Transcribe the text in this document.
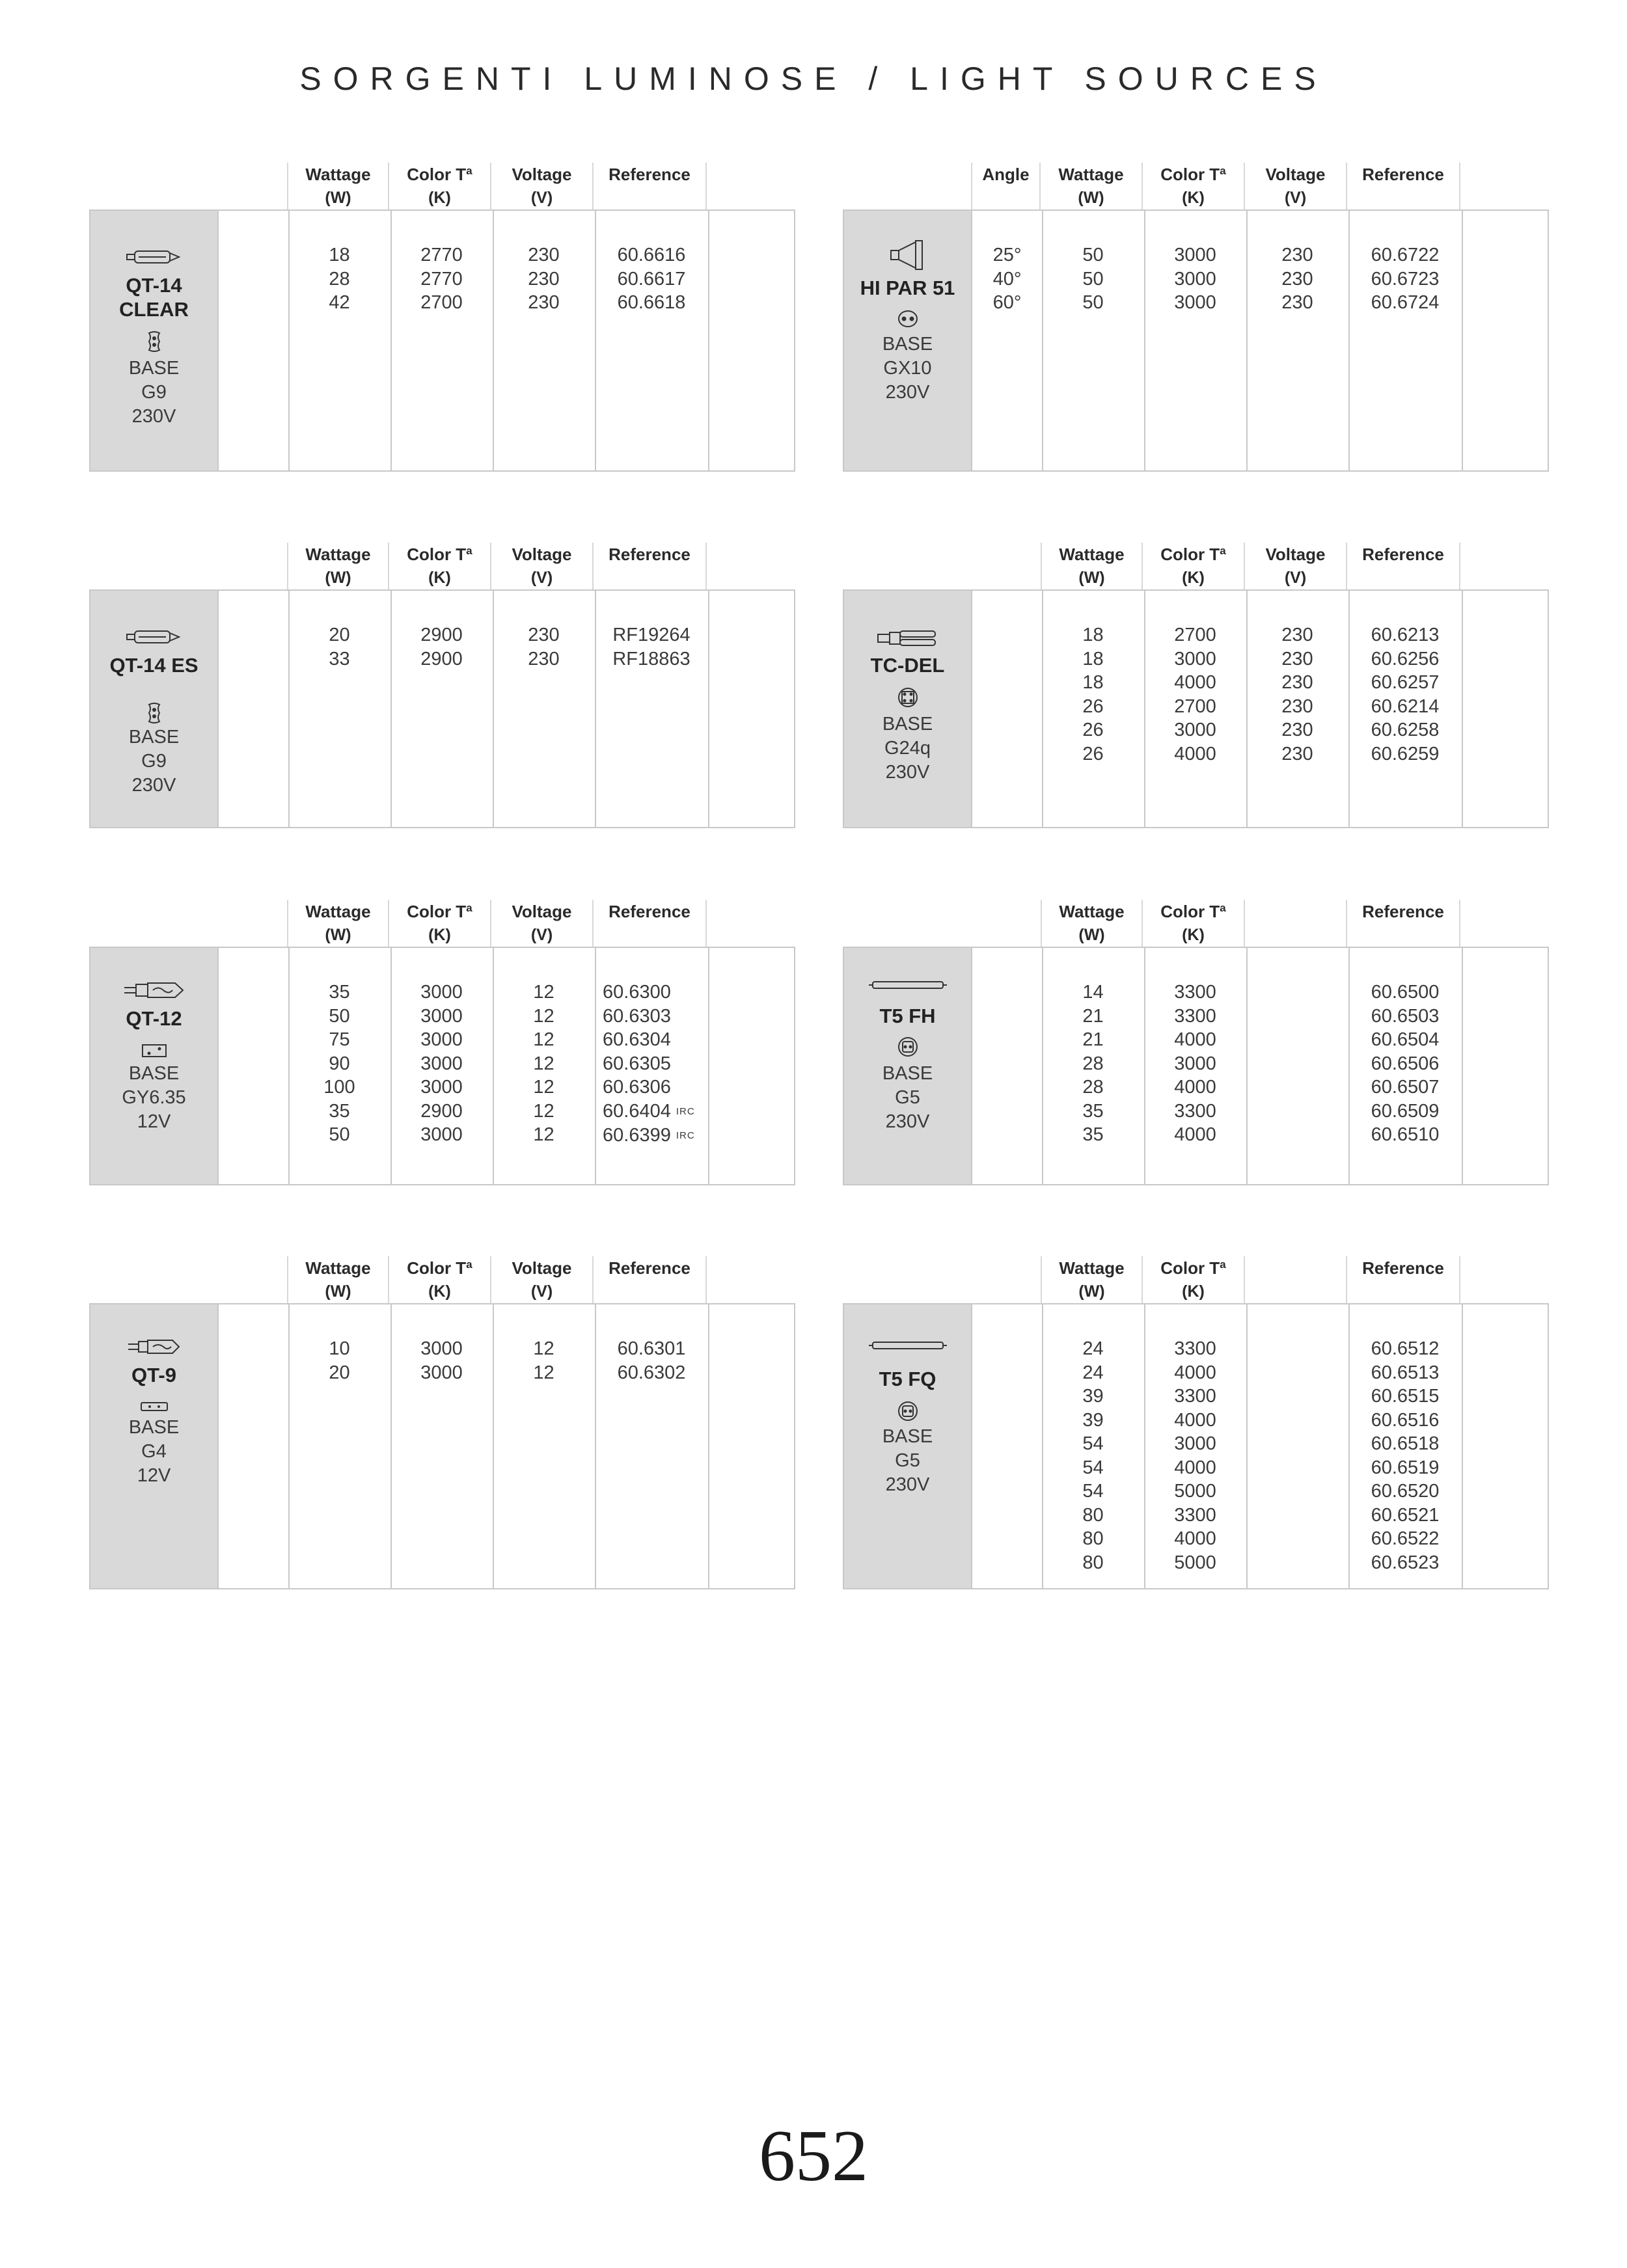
SORGENTI LUMINOSE / LIGHT SOURCES
Wattage
(W)
Color Tª
(K)
Voltage
(V)
Reference
QT-14
CLEAR
BASE
G9
230V
18
28
42
2770
2770
2700
230
230
230
60.6616
60.6617
60.6618
Angle	Wattage
(W)
Color Tª
(K)
Voltage
(V)
Reference
HI PAR 51
BASE
GX10
230V
25°
40°
60°
50
50
50
3000
3000
3000
230
230
230
60.6722
60.6723
60.6724
Wattage
(W)
Color Tª
(K)
Voltage
(V)
Reference
QT-14 ES
BASE
G9
230V
20
33
2900
2900
230
230
RF19264
RF18863
Wattage
(W)
Color Tª
(K)
Voltage
(V)
Reference
TC-DEL
BASE
G24q
230V
18
18
18
26
26
26
2700
3000
4000
2700
3000
4000
230
230
230
230
230
230
60.6213
60.6256
60.6257
60.6214
60.6258
60.6259
Wattage
(W)
Color Tª
(K)
Voltage
(V)
Reference
QT-12
BASE
GY6.35
12V
35
50
75
90
100
35
50
3000
3000
3000
3000
3000
2900
3000
12
12
12
12
12
12
12
60.6300
60.6303
60.6304
60.6305
60.6306
60.6404 IRC
60.6399 IRC
Wattage
(W)
Color Tª
(K)
Reference
T5 FH
BASE
G5
230V
14
21
21
28
28
35
35
3300
3300
4000
3000
4000
3300
4000
60.6500
60.6503
60.6504
60.6506
60.6507
60.6509
60.6510
Wattage
(W)
Color Tª
(K)
Voltage
(V)
Reference
QT-9
BASE
G4
12V
10
20
3000
3000
12
12
60.6301
60.6302
Wattage
(W)
Color Tª
(K)
Reference
T5 FQ
BASE
G5
230V
24
24
39
39
54
54
54
80
80
80
3300
4000
3300
4000
3000
4000
5000
3300
4000
5000
60.6512
60.6513
60.6515
60.6516
60.6518
60.6519
60.6520
60.6521
60.6522
60.6523
652
